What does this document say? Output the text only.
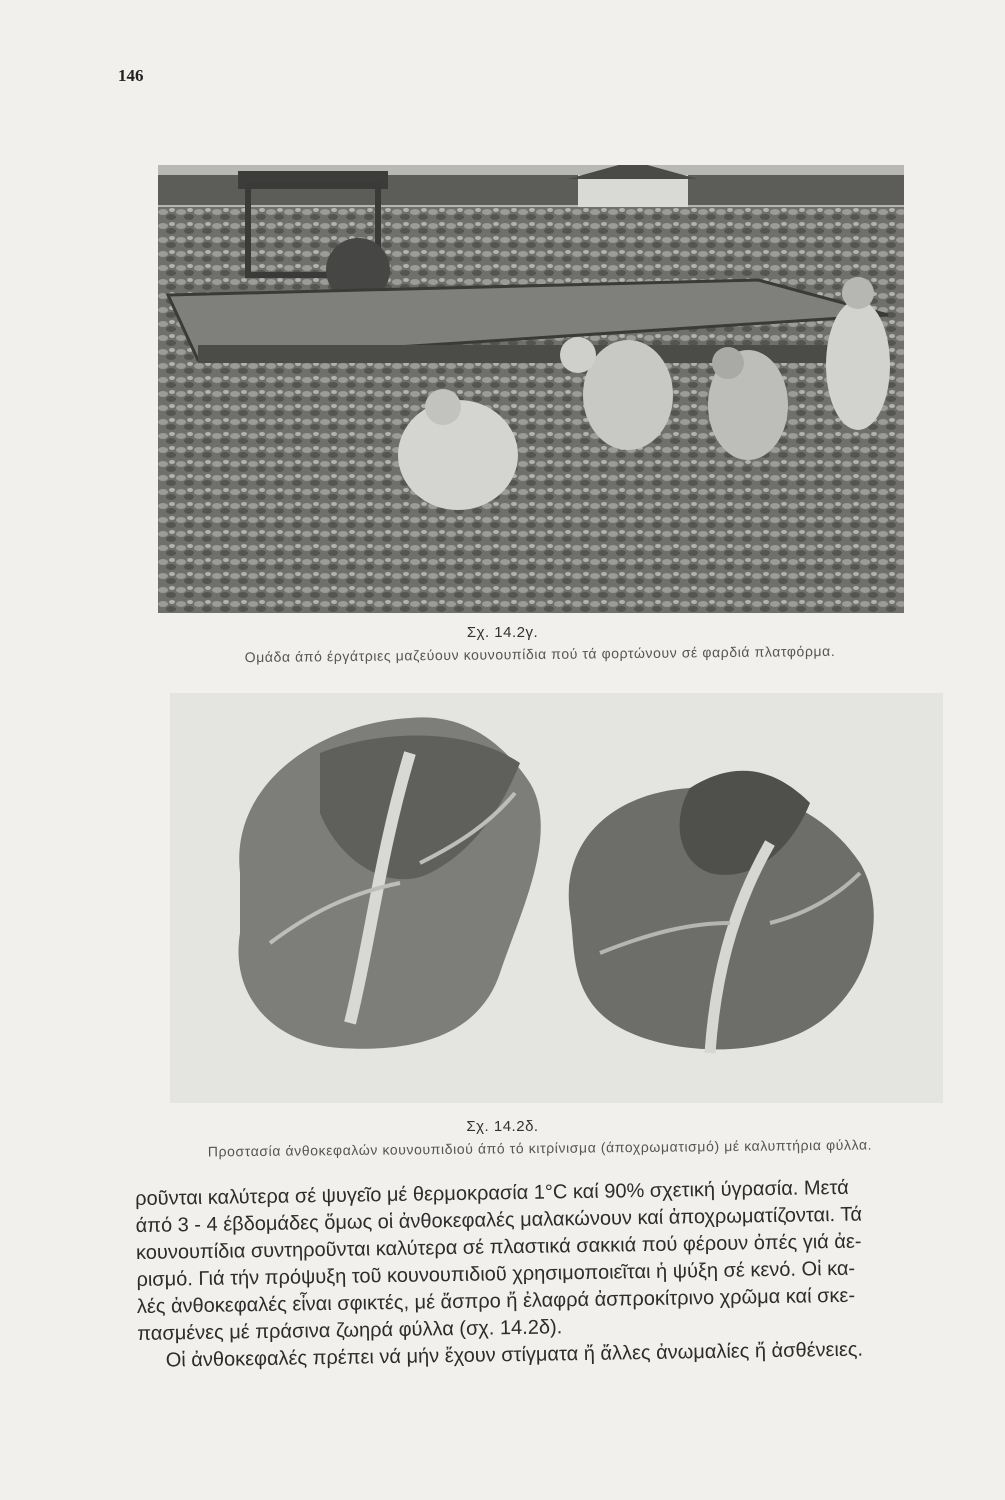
146
Σχ. 14.2γ.
Ομάδα άπό έργάτριες μαζεύουν κουνουπίδια πού τά φορτώνουν σέ φαρδιά πλατφόρμα.
Σχ. 14.2δ.
Προστασία άνθοκεφαλών κουνουπιδιού άπό τό κιτρίνισμα (άποχρωματισμό) μέ καλυπτήρια φύλλα.

ροῦνται καλύτερα σέ ψυγεῖο μέ θερμοκρασία 1°C καί 90% σχετική ύγρασία. Μετά

άπό 3 - 4 έβδομάδες ὅμως οἱ ἀνθοκεφαλές μαλακώνουν καί ἀποχρωματίζονται. Τά

κουνουπίδια συντηροῦνται καλύτερα σέ πλαστικά σακκιά πού φέρουν ὀπές γιά ἀε-

ρισμό. Γιά τήν πρόψυξη τοῦ κουνουπιδιοῦ χρησιμοποιεῖται ἡ ψύξη σέ κενό. Οἱ κα-

λές ἀνθοκεφαλές εἶναι σφικτές, μέ ἄσπρο ἤ ἐλαφρά ἀσπροκίτρινο χρῶμα καί σκε-

πασμένες μέ πράσινα ζωηρά φύλλα (σχ. 14.2δ).

Οἱ ἀνθοκεφαλές πρέπει νά μήν ἔχουν στίγματα ἤ ἄλλες ἀνωμαλίες ἤ ἀσθένειες.
